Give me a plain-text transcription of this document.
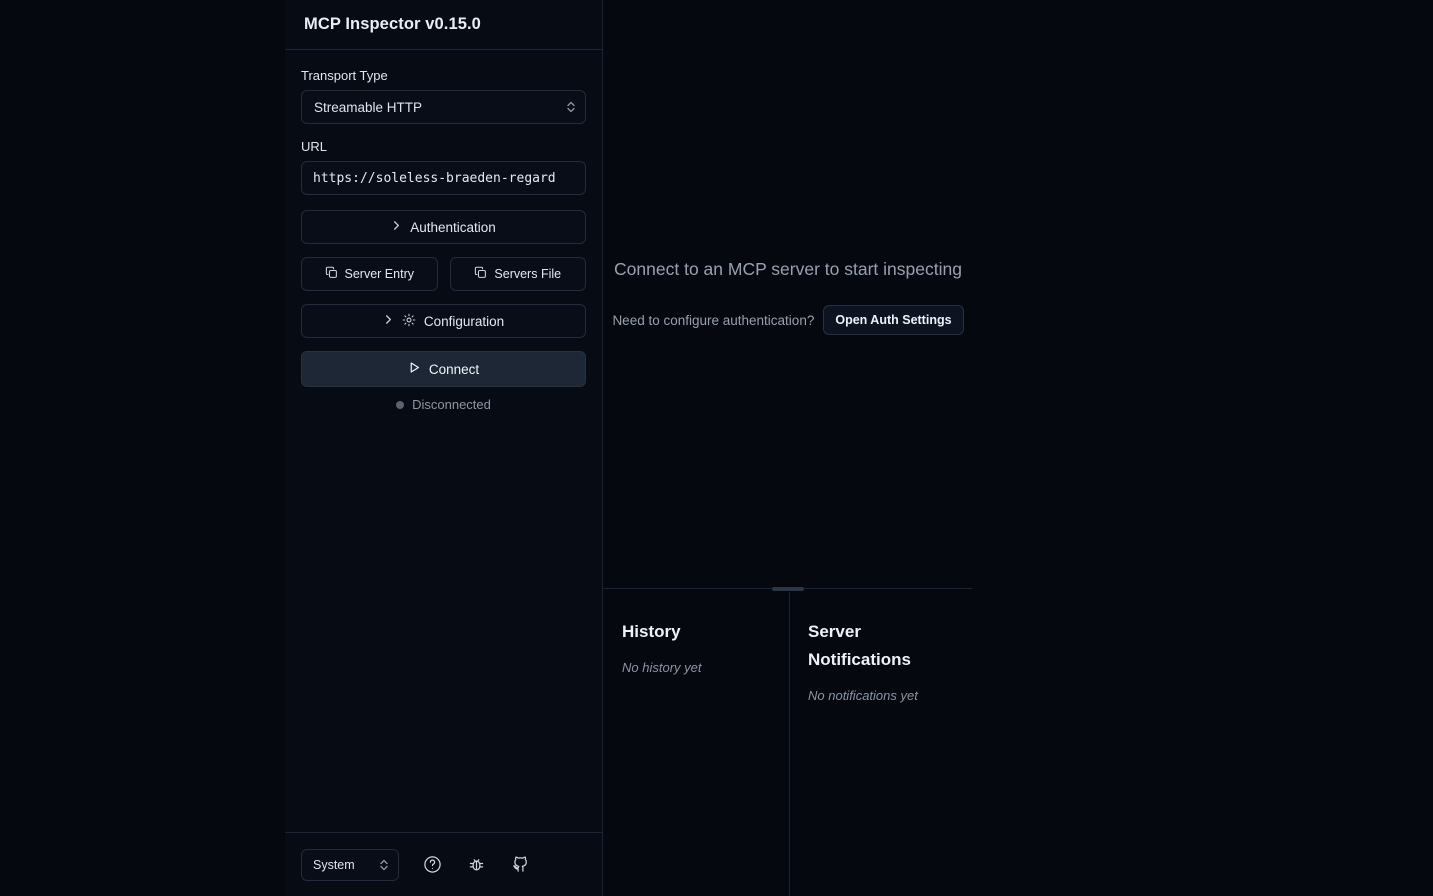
MCP Inspector v0.15.0
Transport Type
Streamable HTTP
URL
https://soleless-braeden-regard
Authentication
Server Entry	Servers File
Configuration
Connect
Disconnected
System
Connect to an MCP server to start inspecting
Need to configure authentication?	Open Auth Settings
History
No history yet
Server Notifications
No notifications yet
